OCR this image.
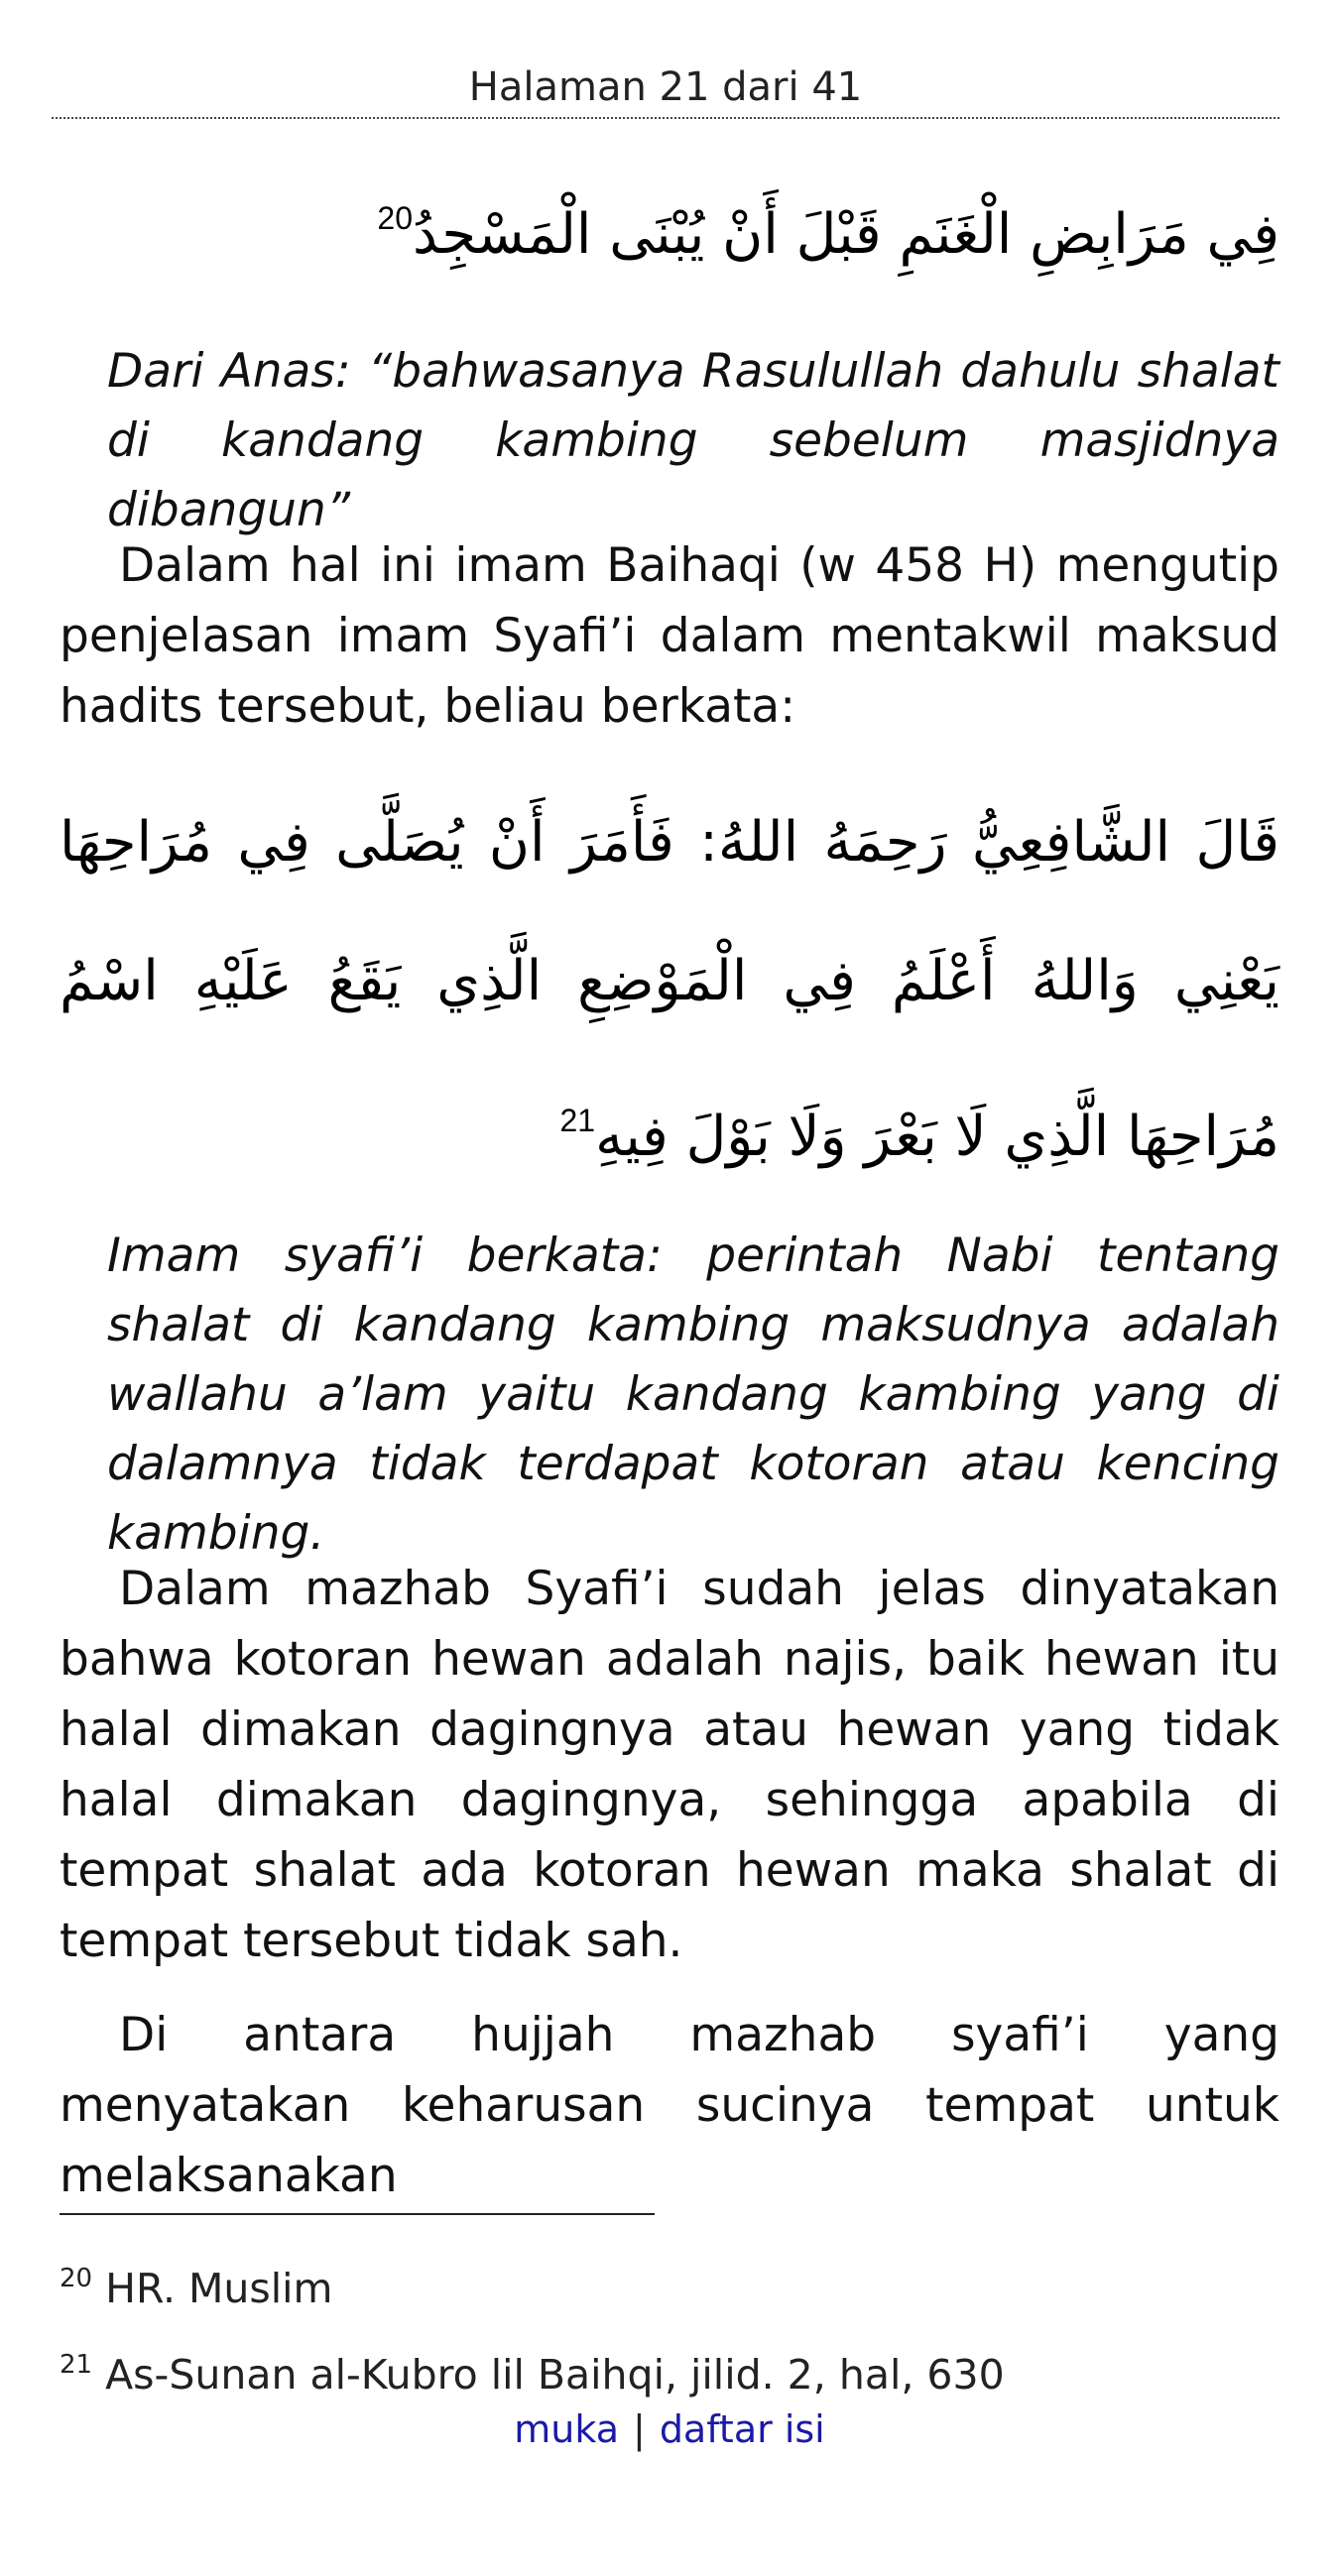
Halaman 21 dari 41
فِي مَرَابِضِ الْغَنَمِ قَبْلَ أَنْ يُبْنَى الْمَسْجِدُ$^{20}$
Dari Anas: “bahwasanya Rasulullah dahulu shalat di kandang kambing sebelum masjidnya dibangun”
Dalam hal ini imam Baihaqi (w 458 H) mengutip penjelasan imam Syafi’i dalam mentakwil maksud hadits tersebut, beliau berkata:
قَالَ الشَّافِعِيُّ رَحِمَهُ اللهُ: فَأَمَرَ أَنْ يُصَلَّى فِي مُرَاحِهَا يَعْنِي وَاللهُ أَعْلَمُ فِي الْمَوْضِعِ الَّذِي يَقَعُ عَلَيْهِ اسْمُ مُرَاحِهَا الَّذِي لَا بَعْرَ وَلَا بَوْلَ فِيهِ$^{21}$
Imam syafi’i berkata: perintah Nabi tentang shalat di kandang kambing maksudnya adalah wallahu a’lam yaitu kandang kambing yang di dalamnya tidak terdapat kotoran atau kencing kambing.
Dalam mazhab Syafi’i sudah jelas dinyatakan bahwa kotoran hewan adalah najis, baik hewan itu halal dimakan dagingnya atau hewan yang tidak halal dimakan dagingnya, sehingga apabila di tempat shalat ada kotoran hewan maka shalat di tempat tersebut tidak sah.
Di antara hujjah mazhab syafi’i yang menyatakan keharusan sucinya tempat untuk melaksanakan
$^{20}$ HR. Muslim
$^{21}$ As-Sunan al-Kubro lil Baihqi, jilid. 2, hal, 630
muka | daftar isi
